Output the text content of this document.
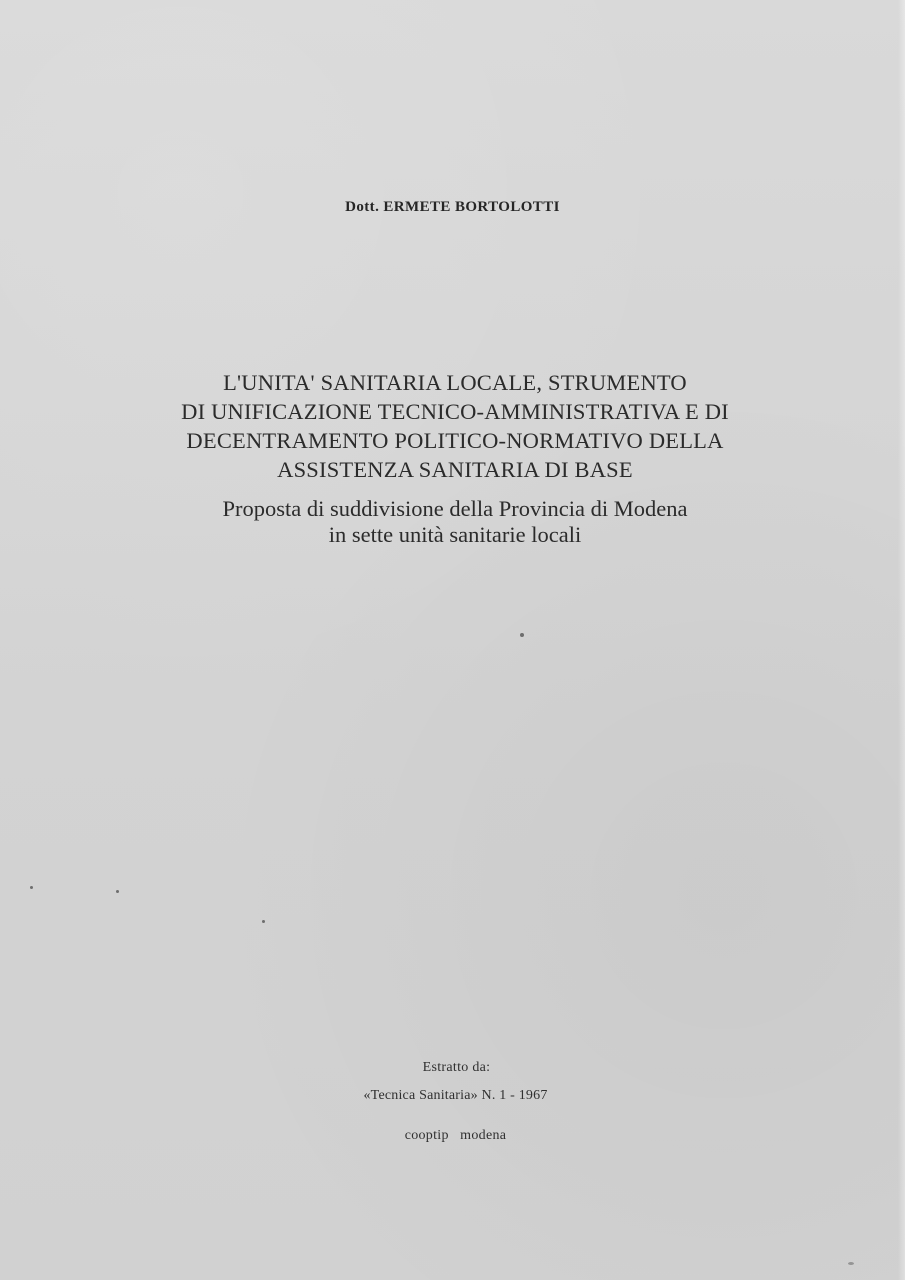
Dott. ERMETE BORTOLOTTI
L'UNITA' SANITARIA LOCALE, STRUMENTO
DI UNIFICAZIONE TECNICO-AMMINISTRATIVA E DI
DECENTRAMENTO POLITICO-NORMATIVO DELLA
ASSISTENZA SANITARIA DI BASE
Proposta di suddivisione della Provincia di Modena
in sette unità sanitarie locali
Estratto da:
«Tecnica Sanitaria» N. 1 - 1967
cooptip   modena
